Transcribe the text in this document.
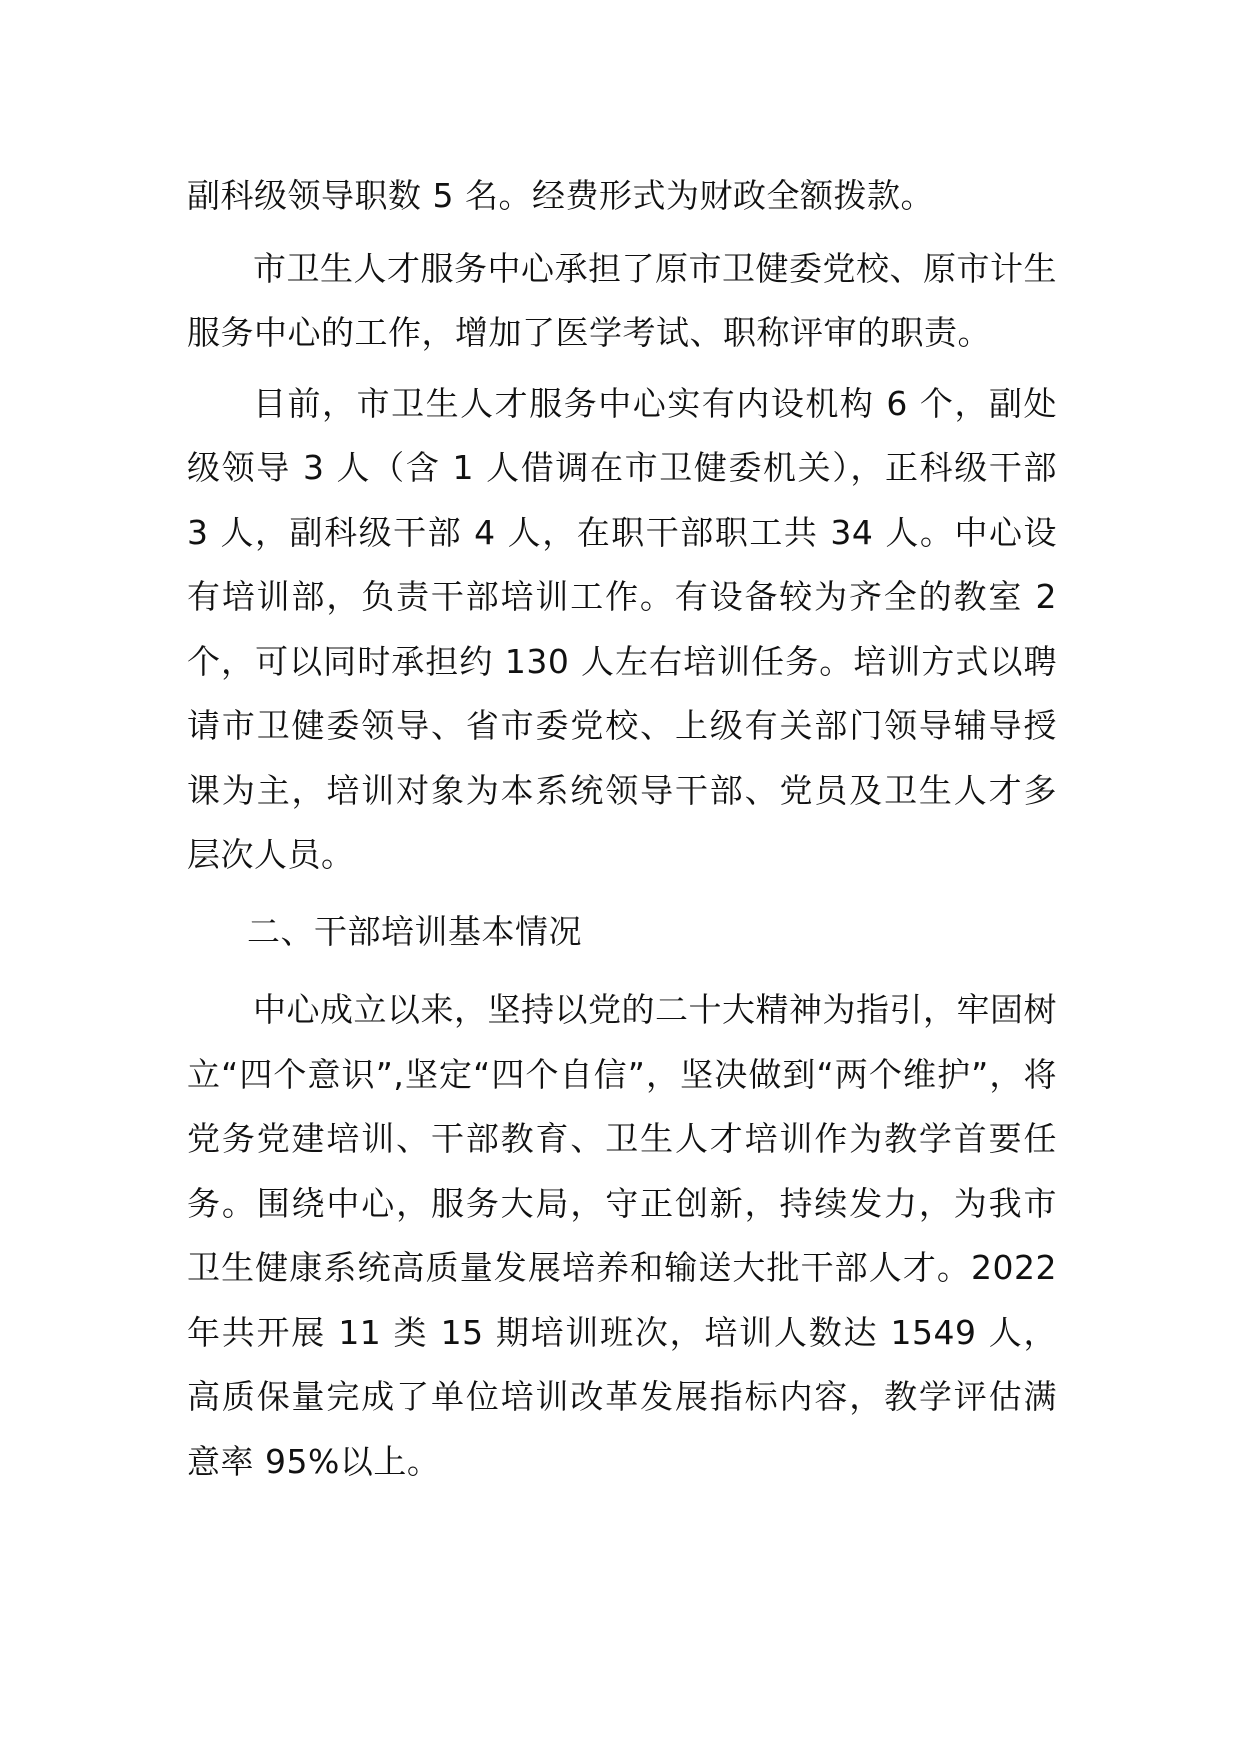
副科级领导职数 5 名。经费形式为财政全额拨款。

市卫生人才服务中心承担了原市卫健委党校、原市计生服务中心的工作，增加了医学考试、职称评审的职责。

目前，市卫生人才服务中心实有内设机构 6 个，副处级领导 3 人（含 1 人借调在市卫健委机关），正科级干部 3 人，副科级干部 4 人，在职干部职工共 34 人。中心设有培训部，负责干部培训工作。有设备较为齐全的教室 2 个，可以同时承担约 130 人左右培训任务。培训方式以聘请市卫健委领导、省市委党校、上级有关部门领导辅导授课为主，培训对象为本系统领导干部、党员及卫生人才多层次人员。

二、干部培训基本情况

中心成立以来，坚持以党的二十大精神为指引，牢固树立“四个意识”,坚定“四个自信”，坚决做到“两个维护”，将党务党建培训、干部教育、卫生人才培训作为教学首要任务。围绕中心，服务大局，守正创新，持续发力，为我市卫生健康系统高质量发展培养和输送大批干部人才。2022 年共开展 11 类 15 期培训班次，培训人数达 1549 人，高质保量完成了单位培训改革发展指标内容，教学评估满意率 95%以上。
